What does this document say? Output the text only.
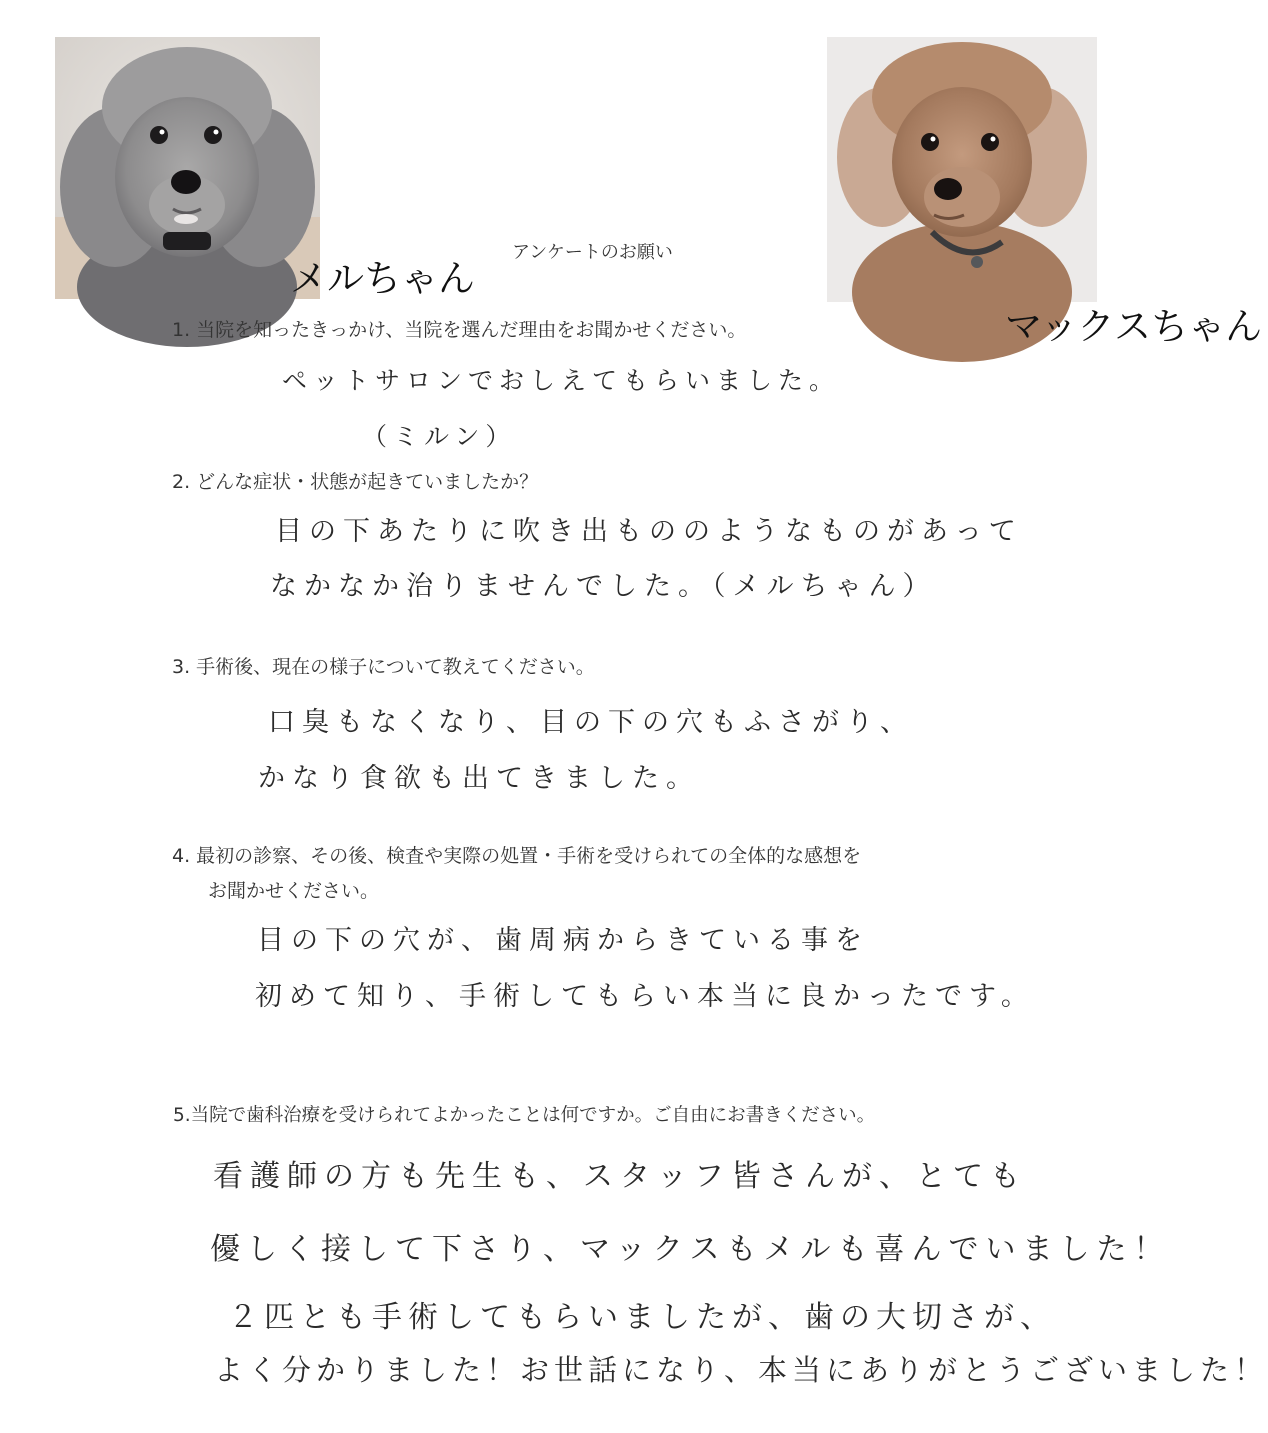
メルちゃん
マックスちゃん
アンケートのお願い
1. 当院を知ったきっかけ、当院を選んだ理由をお聞かせください。
ペットサロンでおしえてもらいました。
（ミルン）
2. どんな症状・状態が起きていましたか？
目の下あたりに吹き出もののようなものがあって
なかなか治りませんでした。（メルちゃん）
3. 手術後、現在の様子について教えてください。
口臭もなくなり、目の下の穴もふさがり、
かなり食欲も出てきました。
4. 最初の診察、その後、検査や実際の処置・手術を受けられての全体的な感想を
お聞かせください。
目の下の穴が、歯周病からきている事を
初めて知り、手術してもらい本当に良かったです。
5.当院で歯科治療を受けられてよかったことは何ですか。ご自由にお書きください。
看護師の方も先生も、スタッフ皆さんが、とても
優しく接して下さり、マックスもメルも喜んでいました！
２匹とも手術してもらいましたが、歯の大切さが、
よく分かりました！お世話になり、本当にありがとうございました！
